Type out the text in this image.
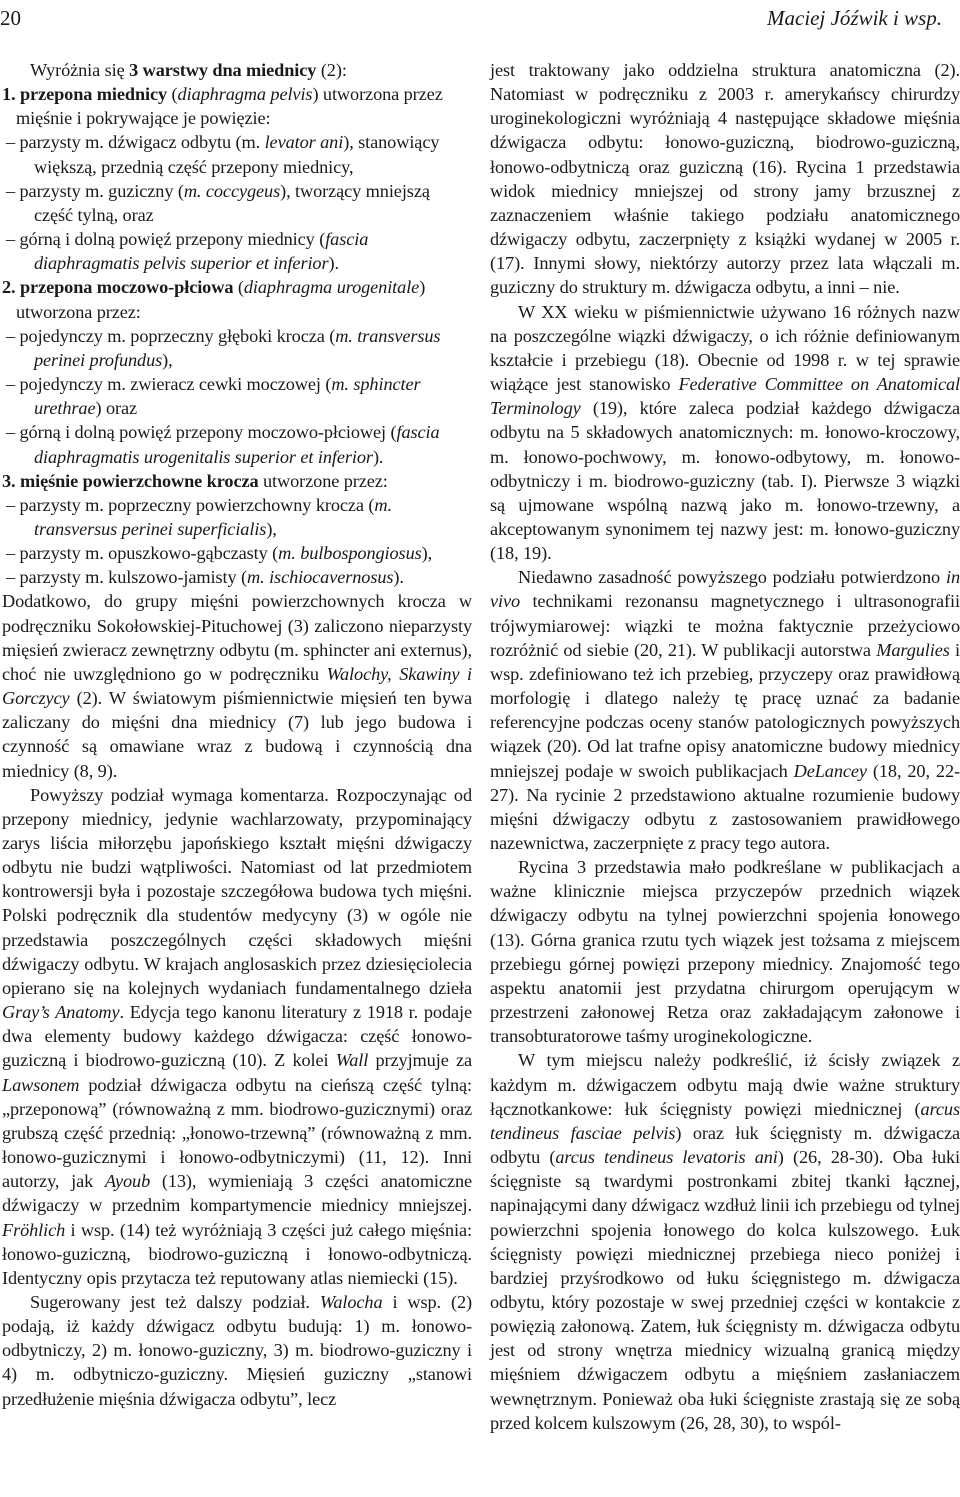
20	Maciej Jóźwik i wsp.

Wyróżnia się 3 warstwy dna miednicy (2):

1. przepona miednicy (diaphragma pelvis) utworzona przez mięśnie i pokrywające je powięzie:

– parzysty m. dźwigacz odbytu (m. levator ani), stanowiący większą, przednią część przepony miednicy,

– parzysty m. guziczny (m. coccygeus), tworzący mniejszą część tylną, oraz

– górną i dolną powięź przepony miednicy (fascia diaphragmatis pelvis superior et inferior).

2. przepona moczowo-płciowa (diaphragma urogenitale) utworzona przez:

– pojedynczy m. poprzeczny głęboki krocza (m. transversus perinei profundus),

– pojedynczy m. zwieracz cewki moczowej (m. sphincter urethrae) oraz

– górną i dolną powięź przepony moczowo-płciowej (fascia diaphragmatis urogenitalis superior et inferior).

3. mięśnie powierzchowne krocza utworzone przez:

– parzysty m. poprzeczny powierzchowny krocza (m. transversus perinei superficialis),

– parzysty m. opuszkowo-gąbczasty (m. bulbospongiosus),

– parzysty m. kulszowo-jamisty (m. ischiocavernosus).

Dodatkowo, do grupy mięśni powierzchownych krocza w podręczniku Sokołowskiej-Pituchowej (3) zaliczono nieparzysty mięsień zwieracz zewnętrzny odbytu (m. sphincter ani externus), choć nie uwzględniono go w podręczniku Walochy, Skawiny i Gorczycy (2). W światowym piśmiennictwie mięsień ten bywa zaliczany do mięśni dna miednicy (7) lub jego budowa i czynność są omawiane wraz z budową i czynnością dna miednicy (8, 9).

Powyższy podział wymaga komentarza. Rozpoczynając od przepony miednicy, jedynie wachlarzowaty, przypominający zarys liścia miłorzębu japońskiego kształt mięśni dźwigaczy odbytu nie budzi wątpliwości. Natomiast od lat przedmiotem kontrowersji była i pozostaje szczegółowa budowa tych mięśni. Polski podręcznik dla studentów medycyny (3) w ogóle nie przedstawia poszczególnych części składowych mięśni dźwigaczy odbytu. W krajach anglosaskich przez dziesięciolecia opierano się na kolejnych wydaniach fundamentalnego dzieła Gray’s Anatomy. Edycja tego kanonu literatury z 1918 r. podaje dwa elementy budowy każdego dźwigacza: część łonowo-guziczną i biodrowo-guziczną (10). Z kolei Wall przyjmuje za Lawsonem podział dźwigacza odbytu na cieńszą część tylną: „przeponową” (równoważną z mm. biodrowo-guzicznymi) oraz grubszą część przednią: „łonowo-trzewną” (równoważną z mm. łonowo-guzicznymi i łonowo-odbytniczymi) (11, 12). Inni autorzy, jak Ayoub (13), wymieniają 3 części anatomiczne dźwigaczy w przednim kompartymencie miednicy mniejszej. Fröhlich i wsp. (14) też wyróżniają 3 części już całego mięśnia: łonowo-guziczną, biodrowo-guziczną i łonowo-odbytniczą. Identyczny opis przytacza też reputowany atlas niemiecki (15).

Sugerowany jest też dalszy podział. Walocha i wsp. (2) podają, iż każdy dźwigacz odbytu budują: 1) m. łonowo-odbytniczy, 2) m. łonowo-guziczny, 3) m. biodrowo-guziczny i 4) m. odbytniczo-guziczny. Mięsień guziczny „stanowi przedłużenie mięśnia dźwigacza odbytu”, lecz

jest traktowany jako oddzielna struktura anatomiczna (2). Natomiast w podręczniku z 2003 r. amerykańscy chirurdzy uroginekologiczni wyróżniają 4 następujące składowe mięśnia dźwigacza odbytu: łonowo-guziczną, biodrowo-guziczną, łonowo-odbytniczą oraz guziczną (16). Rycina 1 przedstawia widok miednicy mniejszej od strony jamy brzusznej z zaznaczeniem właśnie takiego podziału anatomicznego dźwigaczy odbytu, zaczerpnięty z książki wydanej w 2005 r. (17). Innymi słowy, niektórzy autorzy przez lata włączali m. guziczny do struktury m. dźwigacza odbytu, a inni – nie.

W XX wieku w piśmiennictwie używano 16 różnych nazw na poszczególne wiązki dźwigaczy, o ich różnie definiowanym kształcie i przebiegu (18). Obecnie od 1998 r. w tej sprawie wiążące jest stanowisko Federative Committee on Anatomical Terminology (19), które zaleca podział każdego dźwigacza odbytu na 5 składowych anatomicznych: m. łonowo-kroczowy, m. łonowo-pochwowy, m. łonowo-odbytowy, m. łonowo-odbytniczy i m. biodrowo-guziczny (tab. I). Pierwsze 3 wiązki są ujmowane wspólną nazwą jako m. łonowo-trzewny, a akceptowanym synonimem tej nazwy jest: m. łonowo-guziczny (18, 19).

Niedawno zasadność powyższego podziału potwierdzono in vivo technikami rezonansu magnetycznego i ultrasonografii trójwymiarowej: wiązki te można faktycznie przeżyciowo rozróżnić od siebie (20, 21). W publikacji autorstwa Margulies i wsp. zdefiniowano też ich przebieg, przyczepy oraz prawidłową morfologię i dlatego należy tę pracę uznać za badanie referencyjne podczas oceny stanów patologicznych powyższych wiązek (20). Od lat trafne opisy anatomiczne budowy miednicy mniejszej podaje w swoich publikacjach DeLancey (18, 20, 22-27). Na rycinie 2 przedstawiono aktualne rozumienie budowy mięśni dźwigaczy odbytu z zastosowaniem prawidłowego nazewnictwa, zaczerpnięte z pracy tego autora.

Rycina 3 przedstawia mało podkreślane w publikacjach a ważne klinicznie miejsca przyczepów przednich wiązek dźwigaczy odbytu na tylnej powierzchni spojenia łonowego (13). Górna granica rzutu tych wiązek jest tożsama z miejscem przebiegu górnej powięzi przepony miednicy. Znajomość tego aspektu anatomii jest przydatna chirurgom operującym w przestrzeni załonowej Retza oraz zakładającym załonowe i transobturatorowe taśmy uroginekologiczne.

W tym miejscu należy podkreślić, iż ścisły związek z każdym m. dźwigaczem odbytu mają dwie ważne struktury łącznotkankowe: łuk ścięgnisty powięzi miednicznej (arcus tendineus fasciae pelvis) oraz łuk ścięgnisty m. dźwigacza odbytu (arcus tendineus levatoris ani) (26, 28-30). Oba łuki ścięgniste są twardymi postronkami zbitej tkanki łącznej, napinającymi dany dźwigacz wzdłuż linii ich przebiegu od tylnej powierzchni spojenia łonowego do kolca kulszowego. Łuk ścięgnisty powięzi miednicznej przebiega nieco poniżej i bardziej przyśrodkowo od łuku ścięgnistego m. dźwigacza odbytu, który pozostaje w swej przedniej części w kontakcie z powięzią załonową. Zatem, łuk ścięgnisty m. dźwigacza odbytu jest od strony wnętrza miednicy wizualną granicą między mięśniem dźwigaczem odbytu a mięśniem zasłaniaczem wewnętrznym. Ponieważ oba łuki ścięgniste zrastają się ze sobą przed kolcem kulszowym (26, 28, 30), to wspól-
